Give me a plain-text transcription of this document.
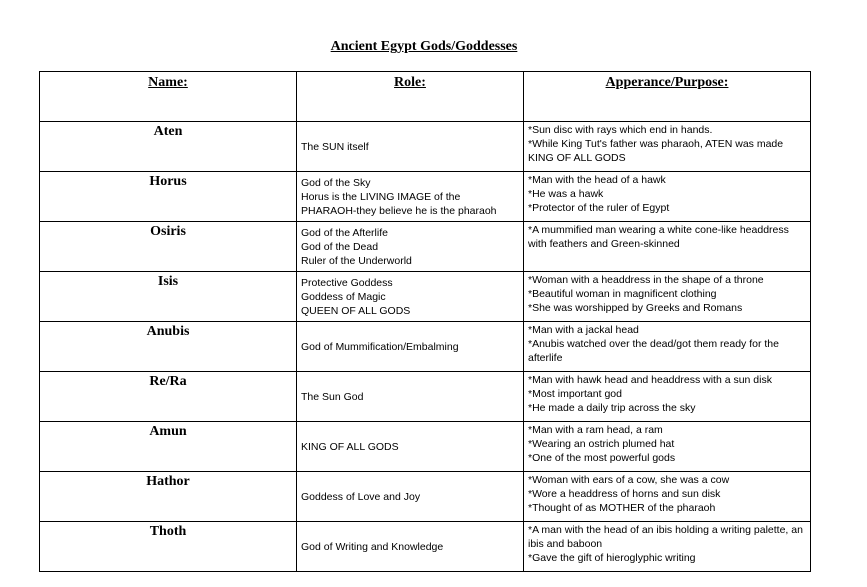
Ancient Egypt Gods/Goddesses
Name:	Role:	Apperance/Purpose:
Aten	The SUN itself	*Sun disc with rays which end in hands.
*While King Tut's father was pharaoh, ATEN was made KING OF ALL GODS

Horus	God of the Sky
Horus is the LIVING IMAGE of the
PHARAOH-they believe he is the pharaoh	*Man with the head of a hawk
*He was a hawk
*Protector of the ruler of Egypt

Osiris	God of the Afterlife
God of the Dead
Ruler of the Underworld	*A mummified man wearing a white cone-like headdress with feathers and Green-skinned

Isis	Protective Goddess
Goddess of Magic
QUEEN OF ALL GODS	*Woman with a headdress in the shape of a throne
*Beautiful woman in magnificent clothing
*She was worshipped by Greeks and Romans

Anubis	God of Mummification/Embalming	*Man with a jackal head
*Anubis watched over the dead/got them ready for the afterlife

Re/Ra	The Sun God	*Man with hawk head and headdress with a sun disk
*Most important god
*He made a daily trip across the sky

Amun	KING OF ALL GODS	*Man with a ram head, a ram
*Wearing an ostrich plumed hat
*One of the most powerful gods

Hathor	Goddess of Love and Joy	*Woman with ears of a cow, she was a cow
*Wore a headdress of horns and sun disk
*Thought of as MOTHER of the pharaoh

Thoth	God of Writing and Knowledge	*A man with the head of an ibis holding a writing palette, an ibis and baboon
*Gave the gift of hieroglyphic writing
